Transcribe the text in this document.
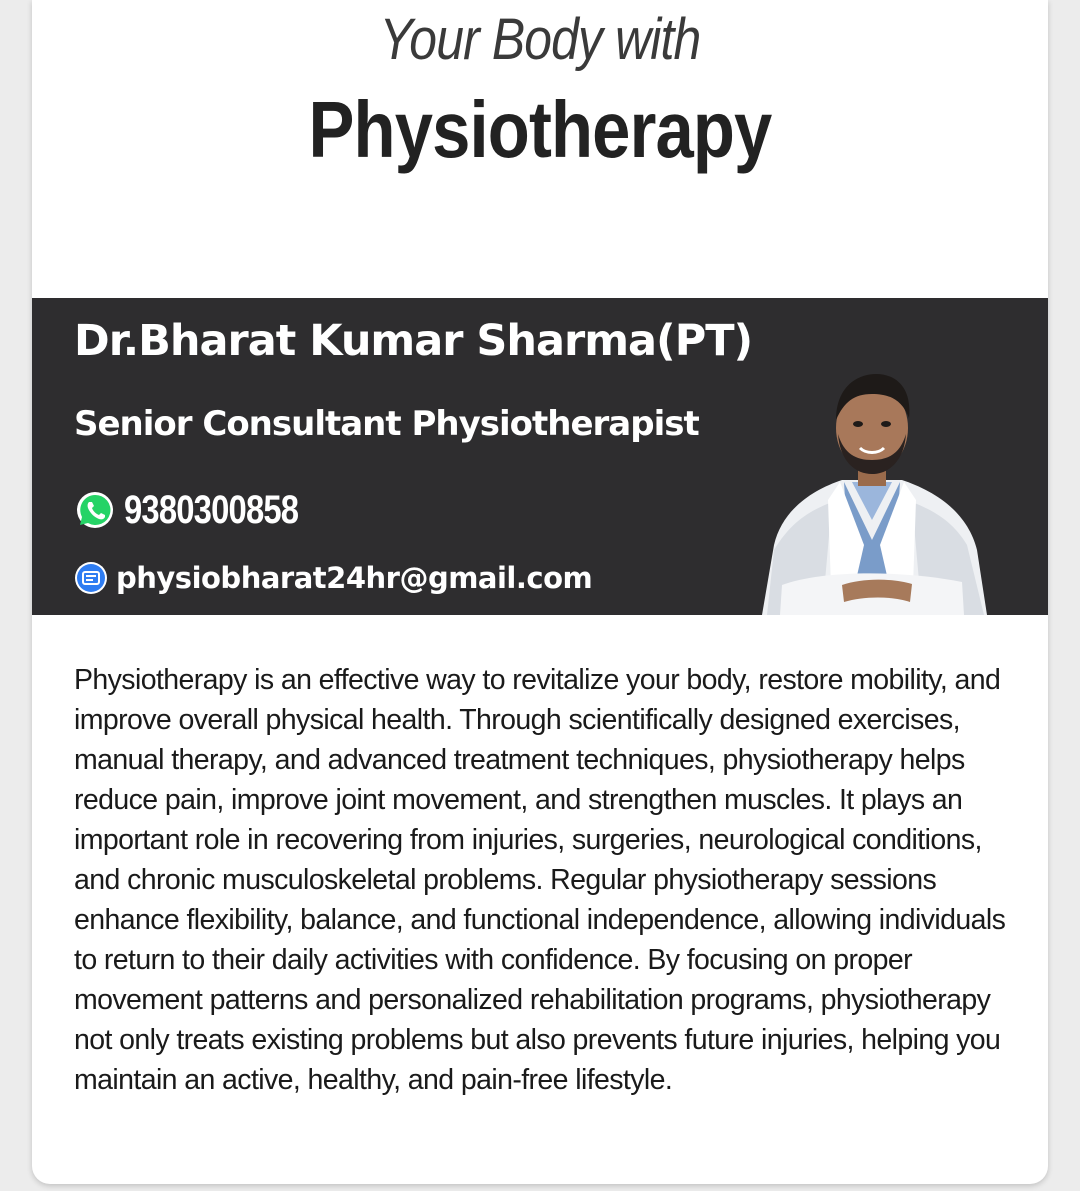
Your Body with
Physiotherapy
Dr.Bharat Kumar Sharma(PT)
Senior Consultant Physiotherapist
9380300858
physiobharat24hr@gmail.com

Physiotherapy is an effective way to revitalize your body, restore mobility, and improve overall physical health. Through scientifically designed exercises, manual therapy, and advanced treatment techniques, physiotherapy helps reduce pain, improve joint movement, and strengthen muscles. It plays an important role in recovering from injuries, surgeries, neurological conditions, and chronic musculoskeletal problems. Regular physiotherapy sessions enhance flexibility, balance, and functional independence, allowing individuals to return to their daily activities with confidence. By focusing on proper movement patterns and personalized rehabilitation programs, physiotherapy not only treats existing problems but also prevents future injuries, helping you maintain an active, healthy, and pain-free lifestyle.
